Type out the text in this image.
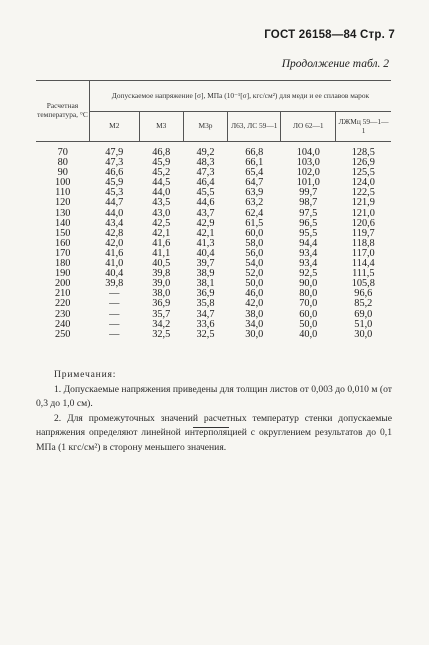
ГОСТ 26158—84 Стр. 7
Продолжение табл. 2
Расчетная температура, °С	Допускаемое напряжение [σ], МПа (10⁻¹[σ], кгс/см²) для меди и ее сплавов марок					
	М2	М3	М3р	Л63, ЛС 59—1	ЛО 62—1	ЛЖМц 59—1—1
70	47,9	46,8	49,2	66,8	104,0	128,5
80	47,3	45,9	48,3	66,1	103,0	126,9
90	46,6	45,2	47,3	65,4	102,0	125,5
100	45,9	44,5	46,4	64,7	101,0	124,0
110	45,3	44,0	45,5	63,9	99,7	122,5
120	44,7	43,5	44,6	63,2	98,7	121,9
130	44,0	43,0	43,7	62,4	97,5	121,0
140	43,4	42,5	42,9	61,5	96,5	120,6
150	42,8	42,1	42,1	60,0	95,5	119,7
160	42,0	41,6	41,3	58,0	94,4	118,8
170	41,6	41,1	40,4	56,0	93,4	117,0
180	41,0	40,5	39,7	54,0	93,4	114,4
190	40,4	39,8	38,9	52,0	92,5	111,5
200	39,8	39,0	38,1	50,0	90,0	105,8
210	—	38,0	36,9	46,0	80,0	96,6
220	—	36,9	35,8	42,0	70,0	85,2
230	—	35,7	34,7	38,0	60,0	69,0
240	—	34,2	33,6	34,0	50,0	51,0
250	—	32,5	32,5	30,0	40,0	30,0

Примечания:

1. Допускаемые напряжения приведены для толщин листов от 0,003 до 0,010 м (от 0,3 до 1,0 см).

2. Для промежуточных значений расчетных температур стенки допускаемые напряжения определяют линейной интерполяцией с округлением результатов до 0,1 МПа (1 кгс/см²) в сторону меньшего значения.
